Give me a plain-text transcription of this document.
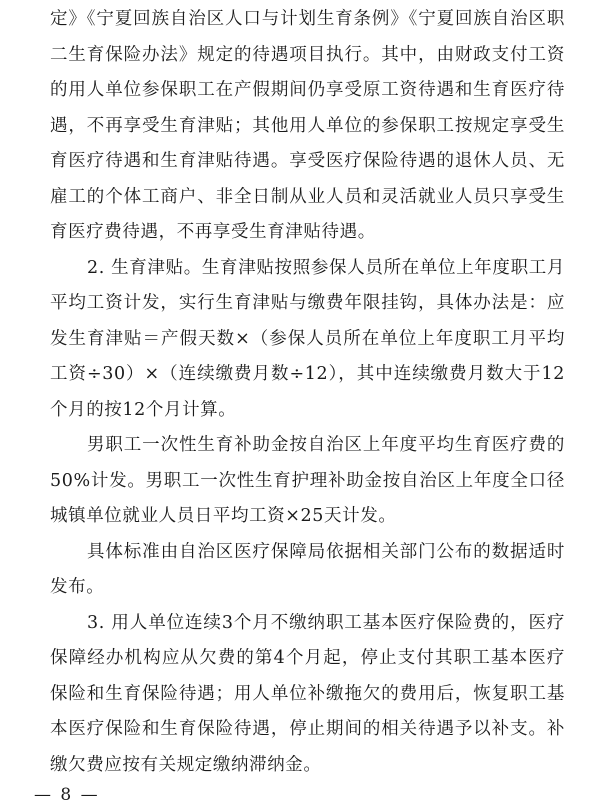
定》《宁夏回族自治区人口与计划生育条例》《宁夏回族自治区职二生育保险办法》规定的待遇项目执行。其中，由财政支付工资的用人单位参保职工在产假期间仍享受原工资待遇和生育医疗待遇，不再享受生育津贴；其他用人单位的参保职工按规定享受生育医疗待遇和生育津贴待遇。享受医疗保险待遇的退休人员、无雇工的个体工商户、非全日制从业人员和灵活就业人员只享受生育医疗费待遇，不再享受生育津贴待遇。

2. 生育津贴。生育津贴按照参保人员所在单位上年度职工月平均工资计发，实行生育津贴与缴费年限挂钩，具体办法是：应发生育津贴＝产假天数×（参保人员所在单位上年度职工月平均工资÷30）×（连续缴费月数÷12），其中连续缴费月数大于12个月的按12个月计算。

男职工一次性生育补助金按自治区上年度平均生育医疗费的50%计发。男职工一次性生育护理补助金按自治区上年度全口径城镇单位就业人员日平均工资×25天计发。

具体标准由自治区医疗保障局依据相关部门公布的数据适时发布。

3. 用人单位连续3个月不缴纳职工基本医疗保险费的，医疗保障经办机构应从欠费的第4个月起，停止支付其职工基本医疗保险和生育保险待遇；用人单位补缴拖欠的费用后，恢复职工基本医疗保险和生育保险待遇，停止期间的相关待遇予以补支。补缴欠费应按有关规定缴纳滞纳金。

— 8 —
